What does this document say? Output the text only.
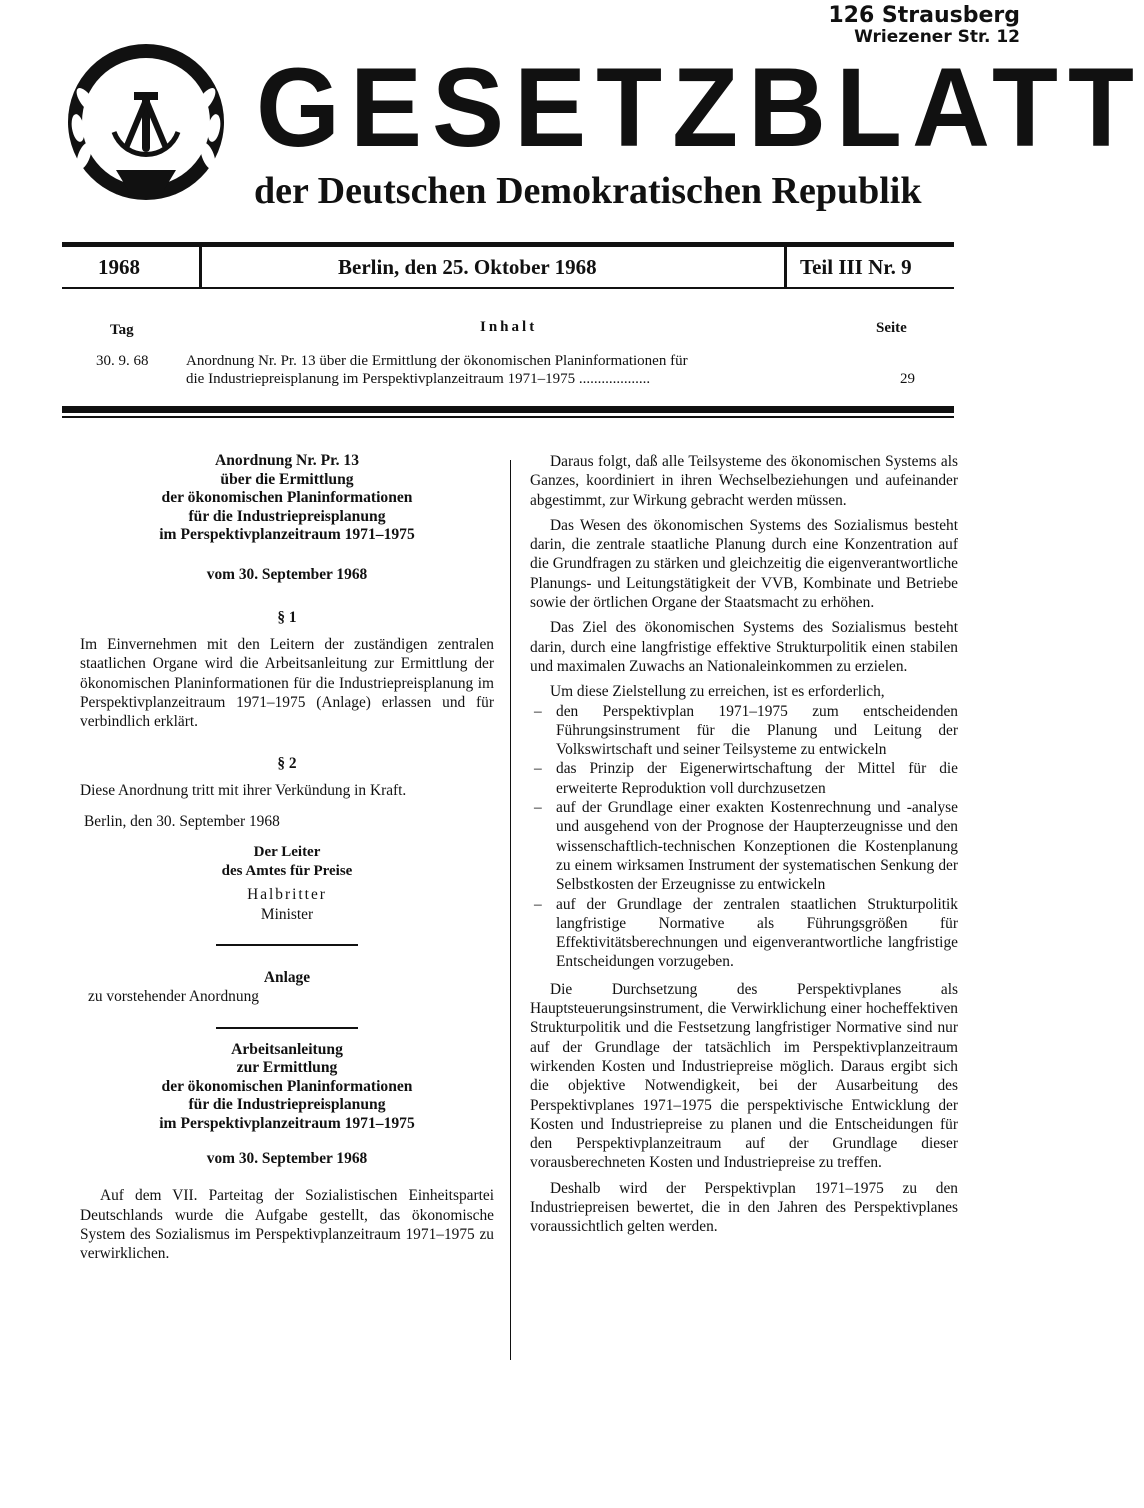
126 Strausberg
Wriezener Str. 12
GESETZBLATT
der Deutschen Demokratischen Republik
1968	Berlin, den 25. Oktober 1968	Teil III Nr. 9
Tag	Inhalt	Seite
30. 9. 68	Anordnung Nr. Pr. 13 über die Ermittlung der ökonomischen Planinformationen für
die Industriepreisplanung im Perspektivplanzeitraum 1971–1975 ...................	29
Anordnung Nr. Pr. 13
über die Ermittlung
der ökonomischen Planinformationen
für die Industriepreisplanung
im Perspektivplanzeitraum 1971–1975
vom 30. September 1968
§ 1

Im Einvernehmen mit den Leitern der zuständigen zentralen staatlichen Organe wird die Arbeitsanleitung zur Ermittlung der ökonomischen Planinformationen für die Industriepreisplanung im Perspektivplanzeitraum 1971–1975 (Anlage) erlassen und für verbindlich erklärt.

§ 2

Diese Anordnung tritt mit ihrer Verkündung in Kraft.

Berlin, den 30. September 1968

Der Leiter
des Amtes für Preise
Halbritter
Minister
Anlage
zu vorstehender Anordnung
Arbeitsanleitung
zur Ermittlung
der ökonomischen Planinformationen
für die Industriepreisplanung
im Perspektivplanzeitraum 1971–1975
vom 30. September 1968

Auf dem VII. Parteitag der Sozialistischen Einheitspartei Deutschlands wurde die Aufgabe gestellt, das ökonomische System des Sozialismus im Perspektivplanzeitraum 1971–1975 zu verwirklichen.

Daraus folgt, daß alle Teilsysteme des ökonomischen Systems als Ganzes, koordiniert in ihren Wechselbeziehungen und aufeinander abgestimmt, zur Wirkung gebracht werden müssen.

Das Wesen des ökonomischen Systems des Sozialismus besteht darin, die zentrale staatliche Planung durch eine Konzentration auf die Grundfragen zu stärken und gleichzeitig die eigenverantwortliche Planungs- und Leitungstätigkeit der VVB, Kombinate und Betriebe sowie der örtlichen Organe der Staatsmacht zu erhöhen.

Das Ziel des ökonomischen Systems des Sozialismus besteht darin, durch eine langfristige effektive Strukturpolitik einen stabilen und maximalen Zuwachs an Nationaleinkommen zu erzielen.

Um diese Zielstellung zu erreichen, ist es erforderlich,

– den Perspektivplan 1971–1975 zum entscheidenden Führungsinstrument für die Planung und Leitung der Volkswirtschaft und seiner Teilsysteme zu entwickeln
– das Prinzip der Eigenerwirtschaftung der Mittel für die erweiterte Reproduktion voll durchzusetzen
– auf der Grundlage einer exakten Kostenrechnung und -analyse und ausgehend von der Prognose der Haupterzeugnisse und den wissenschaftlich-technischen Konzeptionen die Kostenplanung zu einem wirksamen Instrument der systematischen Senkung der Selbstkosten der Erzeugnisse zu entwickeln
– auf der Grundlage der zentralen staatlichen Strukturpolitik langfristige Normative als Führungsgrößen für Effektivitätsberechnungen und eigenverantwortliche langfristige Entscheidungen vorzugeben.

Die Durchsetzung des Perspektivplanes als Hauptsteuerungsinstrument, die Verwirklichung einer hocheffektiven Strukturpolitik und die Festsetzung langfristiger Normative sind nur auf der Grundlage der tatsächlich im Perspektivplanzeitraum wirkenden Kosten und Industriepreise möglich. Daraus ergibt sich die objektive Notwendigkeit, bei der Ausarbeitung des Perspektivplanes 1971–1975 die perspektivische Entwicklung der Kosten und Industriepreise zu planen und die Entscheidungen für den Perspektivplanzeitraum auf der Grundlage dieser vorausberechneten Kosten und Industriepreise zu treffen.

Deshalb wird der Perspektivplan 1971–1975 zu den Industriepreisen bewertet, die in den Jahren des Perspektivplanes voraussichtlich gelten werden.
